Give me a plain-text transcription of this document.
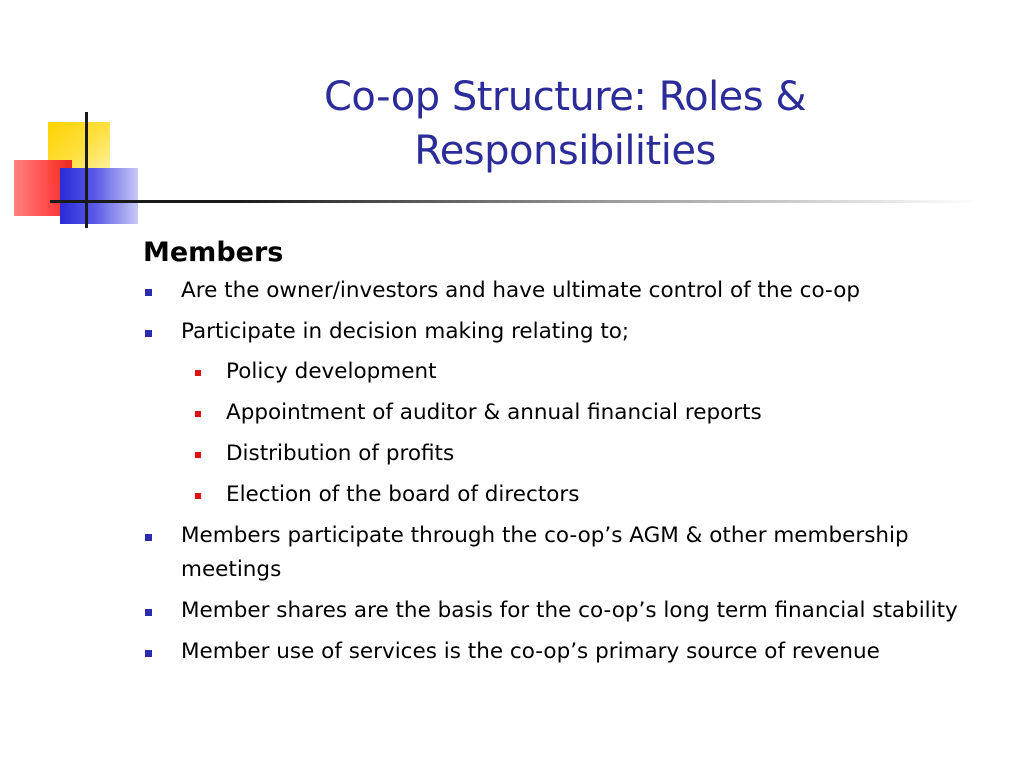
Co-op Structure: Roles &
Responsibilities
Members
Are the owner/investors and have ultimate control of the co-op
Participate in decision making relating to;
Policy development
Appointment of auditor & annual financial reports
Distribution of profits
Election of the board of directors
Members participate through the co-op’s AGM & other membership meetings
Member shares are the basis for the co-op’s long term financial stability
Member use of services is the co-op’s primary source of revenue
